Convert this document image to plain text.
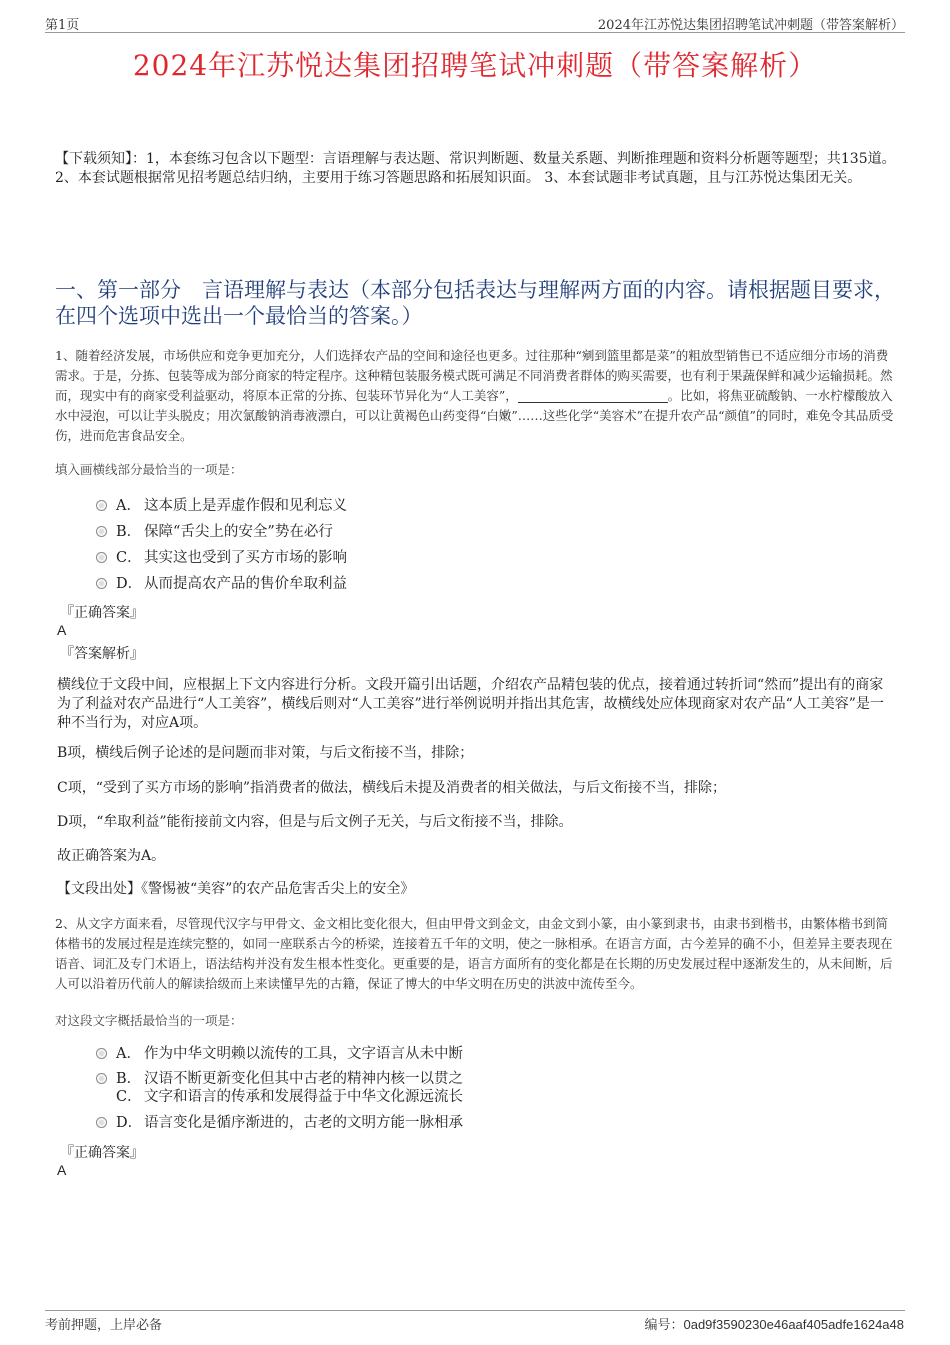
第1页	2024年江苏悦达集团招聘笔试冲刺题（带答案解析）
2024年江苏悦达集团招聘笔试冲刺题（带答案解析）
【下载须知】：1，本套练习包含以下题型：言语理解与表达题、常识判断题、数量关系题、判断推理题和资料分析题等题型；共135道。 2、本套试题根据常见招考题总结归纳，主要用于练习答题思路和拓展知识面。 3、本套试题非考试真题，且与江苏悦达集团无关。
一、第一部分　言语理解与表达（本部分包括表达与理解两方面的内容。请根据题目要求，在四个选项中选出一个最恰当的答案。）
1、随着经济发展，市场供应和竞争更加充分，人们选择农产品的空间和途径也更多。过往那种“剜到篮里都是菜”的粗放型销售已不适应细分市场的消费需求。于是，分拣、包装等成为部分商家的特定程序。这种精包装服务模式既可满足不同消费者群体的购买需要，也有利于果蔬保鲜和减少运输损耗。然而，现实中有的商家受利益驱动，将原本正常的分拣、包装环节异化为“人工美容”，	。比如，将焦亚硫酸钠、一水柠檬酸放入水中浸泡，可以让芋头脱皮；用次氯酸钠消毒液漂白，可以让黄褐色山药变得“白嫩”……这些化学“美容术”在提升农产品“颜值”的同时，难免令其品质受伤，进而危害食品安全。
填入画横线部分最恰当的一项是：
A． 这本质上是弄虚作假和见利忘义
B． 保障“舌尖上的安全”势在必行
C． 其实这也受到了买方市场的影响
D． 从而提高农产品的售价牟取利益
『正确答案』
A
『答案解析』
横线位于文段中间，应根据上下文内容进行分析。文段开篇引出话题，介绍农产品精包装的优点，接着通过转折词“然而”提出有的商家为了利益对农产品进行“人工美容”，横线后则对“人工美容”进行举例说明并指出其危害，故横线处应体现商家对农产品“人工美容”是一种不当行为，对应A项。
B项，横线后例子论述的是问题而非对策，与后文衔接不当，排除；
C项，“受到了买方市场的影响”指消费者的做法，横线后未提及消费者的相关做法，与后文衔接不当，排除；
D项，“牟取利益”能衔接前文内容，但是与后文例子无关，与后文衔接不当，排除。
故正确答案为A。
【文段出处】《警惕被“美容”的农产品危害舌尖上的安全》
2、从文字方面来看，尽管现代汉字与甲骨文、金文相比变化很大，但由甲骨文到金文，由金文到小篆，由小篆到隶书，由隶书到楷书，由繁体楷书到简体楷书的发展过程是连续完整的，如同一座联系古今的桥梁，连接着五千年的文明，使之一脉相承。在语言方面，古今差异的确不小，但差异主要表现在语音、词汇及专门术语上，语法结构并没有发生根本性变化。更重要的是，语言方面所有的变化都是在长期的历史发展过程中逐渐发生的，从未间断，后人可以沿着历代前人的解读拾级而上来读懂早先的古籍，保证了博大的中华文明在历史的洪波中流传至今。
对这段文字概括最恰当的一项是：
A． 作为中华文明赖以流传的工具，文字语言从未中断
B． 汉语不断更新变化但其中古老的精神内核一以贯之
C． 文字和语言的传承和发展得益于中华文化源远流长
D． 语言变化是循序渐进的，古老的文明方能一脉相承
『正确答案』
A
考前押题，上岸必备	编号：0ad9f3590230e46aaf405adfe1624a48
